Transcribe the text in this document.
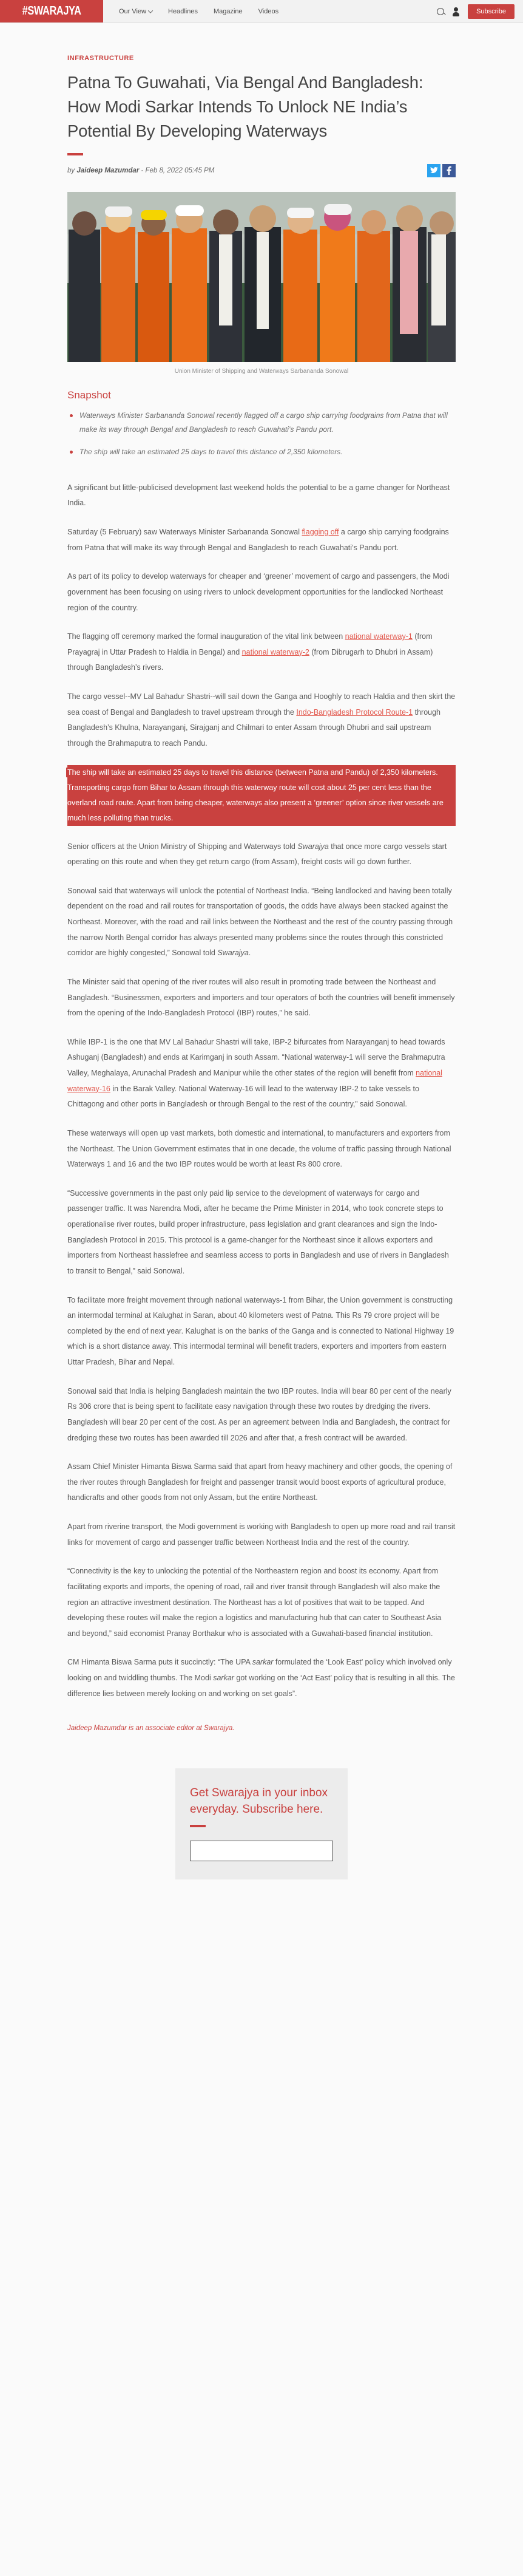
#SWARAJYA	Our View	Headlines Magazine Videos	Subscribe
INFRASTRUCTURE
Patna To Guwahati, Via Bengal And Bangladesh: How Modi Sarkar Intends To Unlock NE India’s Potential By Developing Waterways
by Jaideep Mazumdar - Feb 8, 2022 05:45 PM
Union Minister of Shipping and Waterways Sarbananda Sonowal
Snapshot
Waterways Minister Sarbananda Sonowal recently flagged off a cargo ship carrying foodgrains from Patna that will make its way through Bengal and Bangladesh to reach Guwahati’s Pandu port.
The ship will take an estimated 25 days to travel this distance of 2,350 kilometers.

A significant but little-publicised development last weekend holds the potential to be a game changer for Northeast India.

Saturday (5 February) saw Waterways Minister Sarbananda Sonowal flagging off a cargo ship carrying foodgrains from Patna that will make its way through Bengal and Bangladesh to reach Guwahati’s Pandu port.

As part of its policy to develop waterways for cheaper and ‘greener’ movement of cargo and passengers, the Modi government has been focusing on using rivers to unlock development opportunities for the landlocked Northeast region of the country.

The flagging off ceremony marked the formal inauguration of the vital link between national waterway-1 (from Prayagraj in Uttar Pradesh to Haldia in Bengal) and national waterway-2 (from Dibrugarh to Dhubri in Assam) through Bangladesh’s rivers.

The cargo vessel--MV Lal Bahadur Shastri--will sail down the Ganga and Hooghly to reach Haldia and then skirt the sea coast of Bengal and Bangladesh to travel upstream through the Indo-Bangladesh Protocol Route-1 through Bangladesh’s Khulna, Narayanganj, Sirajganj and Chilmari to enter Assam through Dhubri and sail upstream through the Brahmaputra to reach Pandu.

The ship will take an estimated 25 days to travel this distance (between Patna and Pandu) of 2,350 kilometers. Transporting cargo from Bihar to Assam through this waterway route will cost about 25 per cent less than the overland road route. Apart from being cheaper, waterways also present a ‘greener’ option since river vessels are much less polluting than trucks.

Senior officers at the Union Ministry of Shipping and Waterways told Swarajya that once more cargo vessels start operating on this route and when they get return cargo (from Assam), freight costs will go down further.

Sonowal said that waterways will unlock the potential of Northeast India. “Being landlocked and having been totally dependent on the road and rail routes for transportation of goods, the odds have always been stacked against the Northeast. Moreover, with the road and rail links between the Northeast and the rest of the country passing through the narrow North Bengal corridor has always presented many problems since the routes through this constricted corridor are highly congested,” Sonowal told Swarajya.

The Minister said that opening of the river routes will also result in promoting trade between the Northeast and Bangladesh. “Businessmen, exporters and importers and tour operators of both the countries will benefit immensely from the opening of the Indo-Bangladesh Protocol (IBP) routes,” he said.

While IBP-1 is the one that MV Lal Bahadur Shastri will take, IBP-2 bifurcates from Narayanganj to head towards Ashuganj (Bangladesh) and ends at Karimganj in south Assam. “National waterway-1 will serve the Brahmaputra Valley, Meghalaya, Arunachal Pradesh and Manipur while the other states of the region will benefit from national waterway-16 in the Barak Valley. National Waterway-16 will lead to the waterway IBP-2 to take vessels to Chittagong and other ports in Bangladesh or through Bengal to the rest of the country,” said Sonowal.

These waterways will open up vast markets, both domestic and international, to manufacturers and exporters from the Northeast. The Union Government estimates that in one decade, the volume of traffic passing through National Waterways 1 and 16 and the two IBP routes would be worth at least Rs 800 crore.

“Successive governments in the past only paid lip service to the development of waterways for cargo and passenger traffic. It was Narendra Modi, after he became the Prime Minister in 2014, who took concrete steps to operationalise river routes, build proper infrastructure, pass legislation and grant clearances and sign the Indo-Bangladesh Protocol in 2015. This protocol is a game-changer for the Northeast since it allows exporters and importers from Northeast hasslefree and seamless access to ports in Bangladesh and use of rivers in Bangladesh to transit to Bengal,” said Sonowal.

To facilitate more freight movement through national waterways-1 from Bihar, the Union government is constructing an intermodal terminal at Kalughat in Saran, about 40 kilometers west of Patna. This Rs 79 crore project will be completed by the end of next year. Kalughat is on the banks of the Ganga and is connected to National Highway 19 which is a short distance away. This intermodal terminal will benefit traders, exporters and importers from eastern Uttar Pradesh, Bihar and Nepal.

Sonowal said that India is helping Bangladesh maintain the two IBP routes. India will bear 80 per cent of the nearly Rs 306 crore that is being spent to facilitate easy navigation through these two routes by dredging the rivers. Bangladesh will bear 20 per cent of the cost. As per an agreement between India and Bangladesh, the contract for dredging these two routes has been awarded till 2026 and after that, a fresh contract will be awarded.

Assam Chief Minister Himanta Biswa Sarma said that apart from heavy machinery and other goods, the opening of the river routes through Bangladesh for freight and passenger transit would boost exports of agricultural produce, handicrafts and other goods from not only Assam, but the entire Northeast.

Apart from riverine transport, the Modi government is working with Bangladesh to open up more road and rail transit links for movement of cargo and passenger traffic between Northeast India and the rest of the country.

“Connectivity is the key to unlocking the potential of the Northeastern region and boost its economy. Apart from facilitating exports and imports, the opening of road, rail and river transit through Bangladesh will also make the region an attractive investment destination. The Northeast has a lot of positives that wait to be tapped. And developing these routes will make the region a logistics and manufacturing hub that can cater to Southeast Asia and beyond,” said economist Pranay Borthakur who is associated with a Guwahati-based financial institution.

CM Himanta Biswa Sarma puts it succinctly: “The UPA sarkar formulated the ‘Look East’ policy which involved only looking on and twiddling thumbs. The Modi sarkar got working on the ‘Act East’ policy that is resulting in all this. The difference lies between merely looking on and working on set goals”.

Jaideep Mazumdar is an associate editor at Swarajya.

Get Swarajya in your inbox everyday. Subscribe here.
